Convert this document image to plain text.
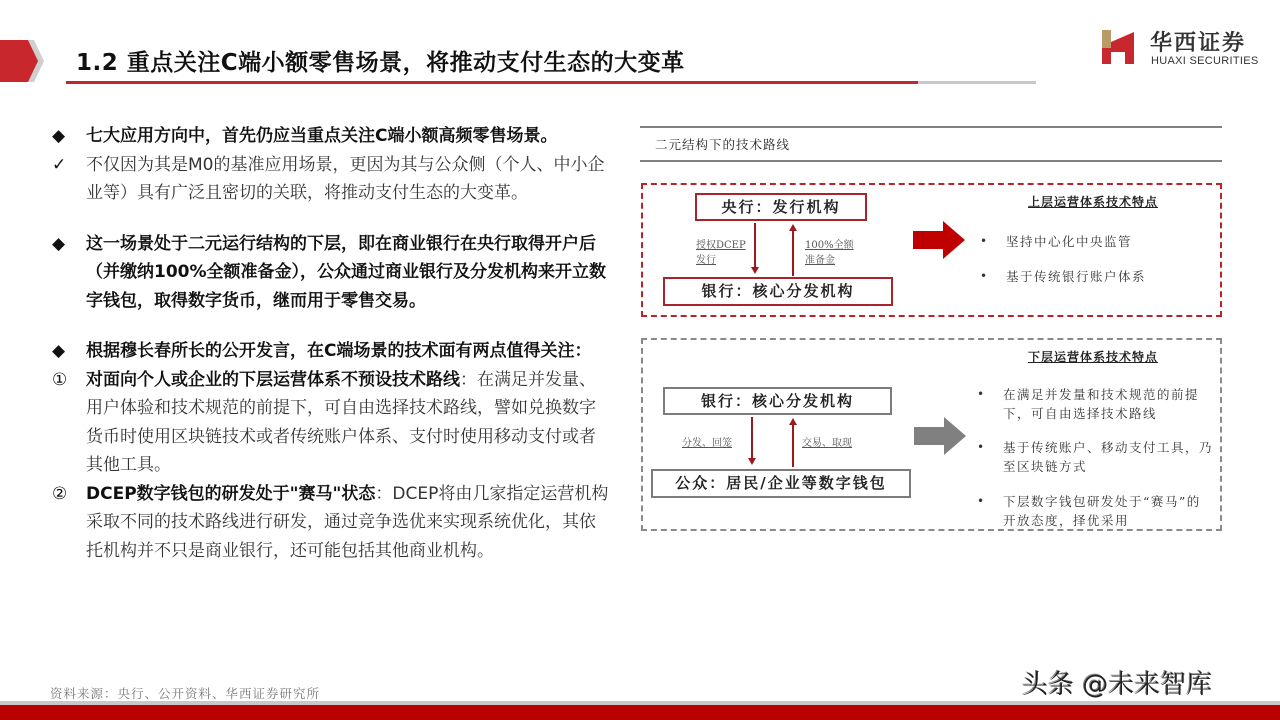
1.2 重点关注C端小额零售场景，将推动支付生态的大变革
华西证券
HUAXI SECURITIES
◆	七大应用方向中，首先仍应当重点关注C端小额高频零售场景。
✓	不仅因为其是M0的基准应用场景，更因为其与公众侧（个人、中小企业等）具有广泛且密切的关联，将推动支付生态的大变革。
◆	这一场景处于二元运行结构的下层，即在商业银行在央行取得开户后（并缴纳100%全额准备金），公众通过商业银行及分发机构来开立数字钱包，取得数字货币，继而用于零售交易。
◆	根据穆长春所长的公开发言，在C端场景的技术面有两点值得关注：
①	对面向个人或企业的下层运营体系不预设技术路线：在满足并发量、用户体验和技术规范的前提下，可自由选择技术路线，譬如兑换数字货币时使用区块链技术或者传统账户体系、支付时使用移动支付或者其他工具。
②	DCEP数字钱包的研发处于"赛马"状态：DCEP将由几家指定运营机构采取不同的技术路线进行研发，通过竞争选优来实现系统优化，其依托机构并不只是商业银行，还可能包括其他商业机构。
二元结构下的技术路线
央行：发行机构
银行：核心分发机构
授权DCEP
发行
100%全额
准备金
上层运营体系技术特点
• 坚持中心化中央监管
• 基于传统银行账户体系
银行：核心分发机构
公众：居民/企业等数字钱包
分发、回笼	交易、取现
下层运营体系技术特点
• 在满足并发量和技术规范的前提下，可自由选择技术路线
• 基于传统账户、移动支付工具，乃至区块链方式
• 下层数字钱包研发处于“赛马”的开放态度，择优采用
资料来源：央行、公开资料、华西证券研究所	头条 @未来智库
